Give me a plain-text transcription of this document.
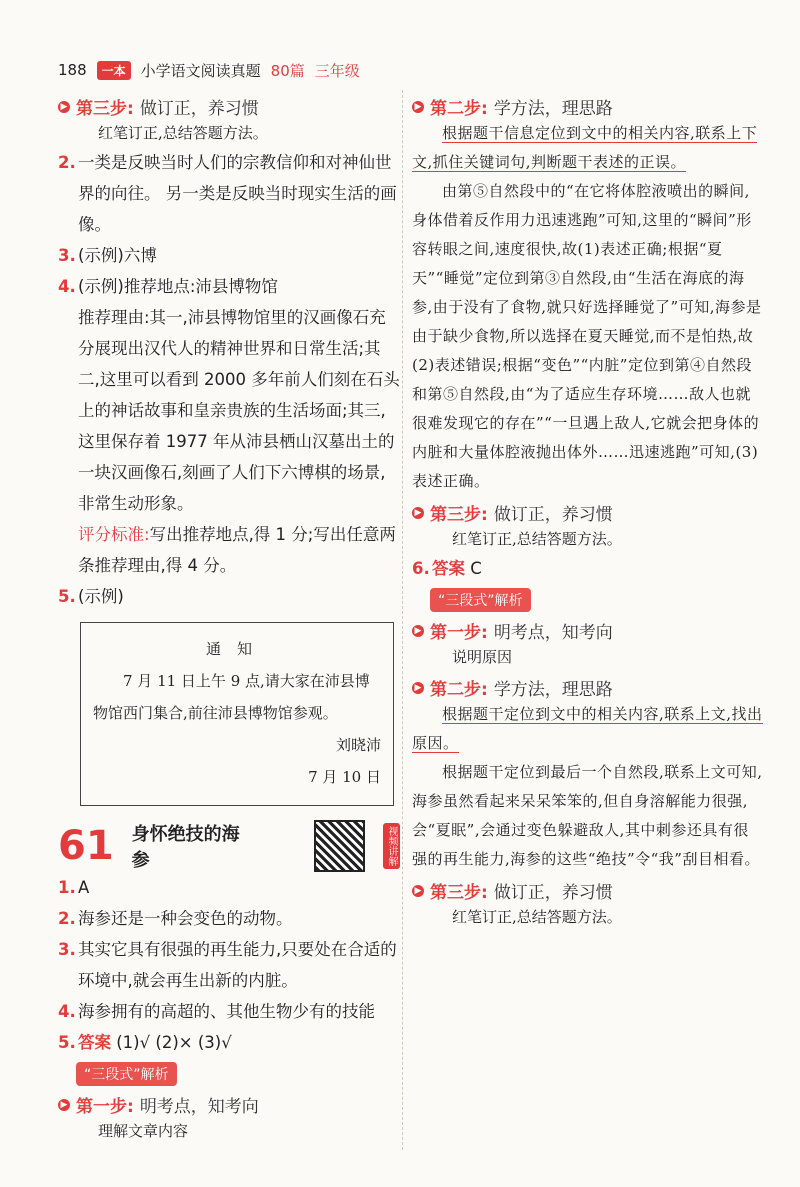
188	一本	小学语文阅读真题 80篇 三年级
▶ 第三步: 做订正，养习惯
红笔订正,总结答题方法。
2. 一类是反映当时人们的宗教信仰和对神仙世界的向往。 另一类是反映当时现实生活的画像。
3. (示例)六博
4. (示例)推荐地点:沛县博物馆
推荐理由:其一,沛县博物馆里的汉画像石充分展现出汉代人的精神世界和日常生活;其二,这里可以看到 2000 多年前人们刻在石头上的神话故事和皇亲贵族的生活场面;其三,这里保存着 1977 年从沛县栖山汉墓出土的一块汉画像石,刻画了人们下六博棋的场景,非常生动形象。
评分标准:写出推荐地点,得 1 分;写出任意两条推荐理由,得 4 分。
5. (示例)
通知
7 月 11 日上午 9 点,请大家在沛县博物馆西门集合,前往沛县博物馆参观。
刘晓沛
7 月 10 日
61 身怀绝技的海参	视频讲解
1. A
2. 海参还是一种会变色的动物。
3. 其实它具有很强的再生能力,只要处在合适的环境中,就会再生出新的内脏。
4. 海参拥有的高超的、其他生物少有的技能
5. 答案 (1)√ (2)× (3)√
“三段式”解析
▶ 第一步: 明考点，知考向
理解文章内容
▶ 第二步: 学方法，理思路
根据题干信息定位到文中的相关内容,联系上下文,抓住关键词句,判断题干表述的正误。
由第⑤自然段中的“在它将体腔液喷出的瞬间,身体借着反作用力迅速逃跑”可知,这里的“瞬间”形容转眼之间,速度很快,故(1)表述正确;根据“夏天”“睡觉”定位到第③自然段,由“生活在海底的海参,由于没有了食物,就只好选择睡觉了”可知,海参是由于缺少食物,所以选择在夏天睡觉,而不是怕热,故(2)表述错误;根据“变色”“内脏”定位到第④自然段和第⑤自然段,由“为了适应生存环境……敌人也就很难发现它的存在”“一旦遇上敌人,它就会把身体的内脏和大量体腔液抛出体外……迅速逃跑”可知,(3)表述正确。
▶ 第三步: 做订正，养习惯
红笔订正,总结答题方法。
6. 答案 C
“三段式”解析
▶ 第一步: 明考点，知考向
说明原因
▶ 第二步: 学方法，理思路
根据题干定位到文中的相关内容,联系上文,找出原因。
根据题干定位到最后一个自然段,联系上文可知,海参虽然看起来呆呆笨笨的,但自身溶解能力很强,会“夏眠”,会通过变色躲避敌人,其中刺参还具有很强的再生能力,海参的这些“绝技”令“我”刮目相看。
▶ 第三步: 做订正，养习惯
红笔订正,总结答题方法。
